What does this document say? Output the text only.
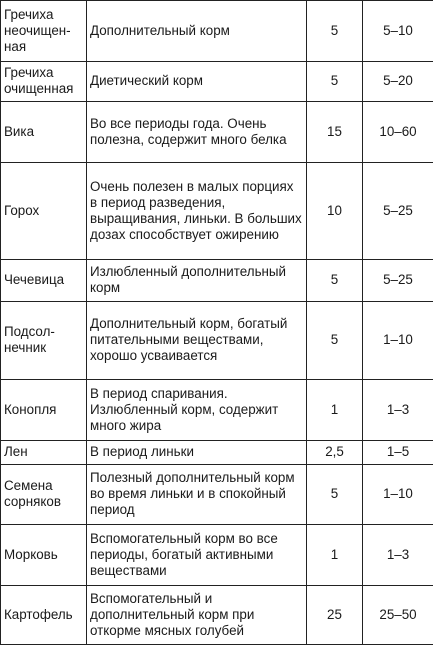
Гречиха неочищенная	Дополнительный корм	5	5–10
Гречиха очищенная	Диетический корм	5	5–20
Вика	Во все периоды года. Очень полезна, содержит много белка	15	10–60
Горох	Очень полезен в малых порциях в период разведения, выращивания, линьки. В больших дозах способствует ожирению	10	5–25
Чечевица	Излюбленный дополнительный корм	5	5–25
Подсолнечник	Дополнительный корм, богатый питательными веществами, хорошо усваивается	5	1–10
Конопля	В период спаривания. Излюбленный корм, содержит много жира	1	1–3
Лен	В период линьки	2,5	1–5
Семена сорняков	Полезный дополнительный корм во время линьки и в спокойный период	5	1–10
Морковь	Вспомогательный корм во все периоды, богатый активными веществами	1	1–3
Картофель	Вспомогательный и дополнительный корм при откорме мясных голубей	25	25–50
